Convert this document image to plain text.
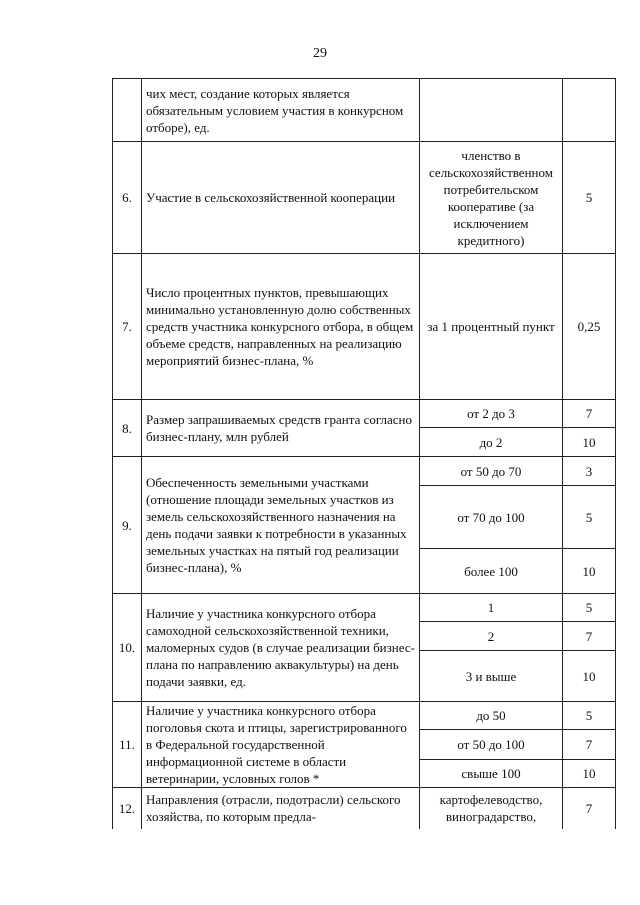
29
	чих мест, создание которых является обязательным условием участия в конкурсном отборе), ед.		
6.	Участие в сельскохозяйственной кооперации	членство в сельскохозяйственном потребительском кооперативе (за исключением кредитного)	5
7.	Число процентных пунктов, превышающих минимально установленную долю собственных средств участника конкурсного отбора, в общем объеме средств, направленных на реализацию мероприятий бизнес-плана, %	за 1 процентный пункт	0,25
8.	Размер запрашиваемых средств гранта согласно бизнес-плану, млн рублей	от 2 до 3	7
		до 2	10
9.	Обеспеченность земельными участками (отношение площади земельных участков из земель сельскохозяйственного назначения на день подачи заявки к потребности в указанных земельных участках на пятый год реализации бизнес-плана), %	от 50 до 70	3
		от 70 до 100	5
		более 100	10
10.	Наличие у участника конкурсного отбора самоходной сельскохозяйственной техники, маломерных судов (в случае реализации бизнес- плана по направлению аквакультуры) на день подачи заявки, ед.	1	5
		2	7
		3 и выше	10
11.	Наличие у участника конкурсного отбора поголовья скота и птицы, зарегистрированного в Федеральной государственной информационной системе в области ветеринарии, условных голов *	до 50	5
		от 50 до 100	7
		свыше 100	10
12.	Направления (отрасли, подотрасли) сельского хозяйства, по которым предла-	картофелеводство, виноградарство,	7
